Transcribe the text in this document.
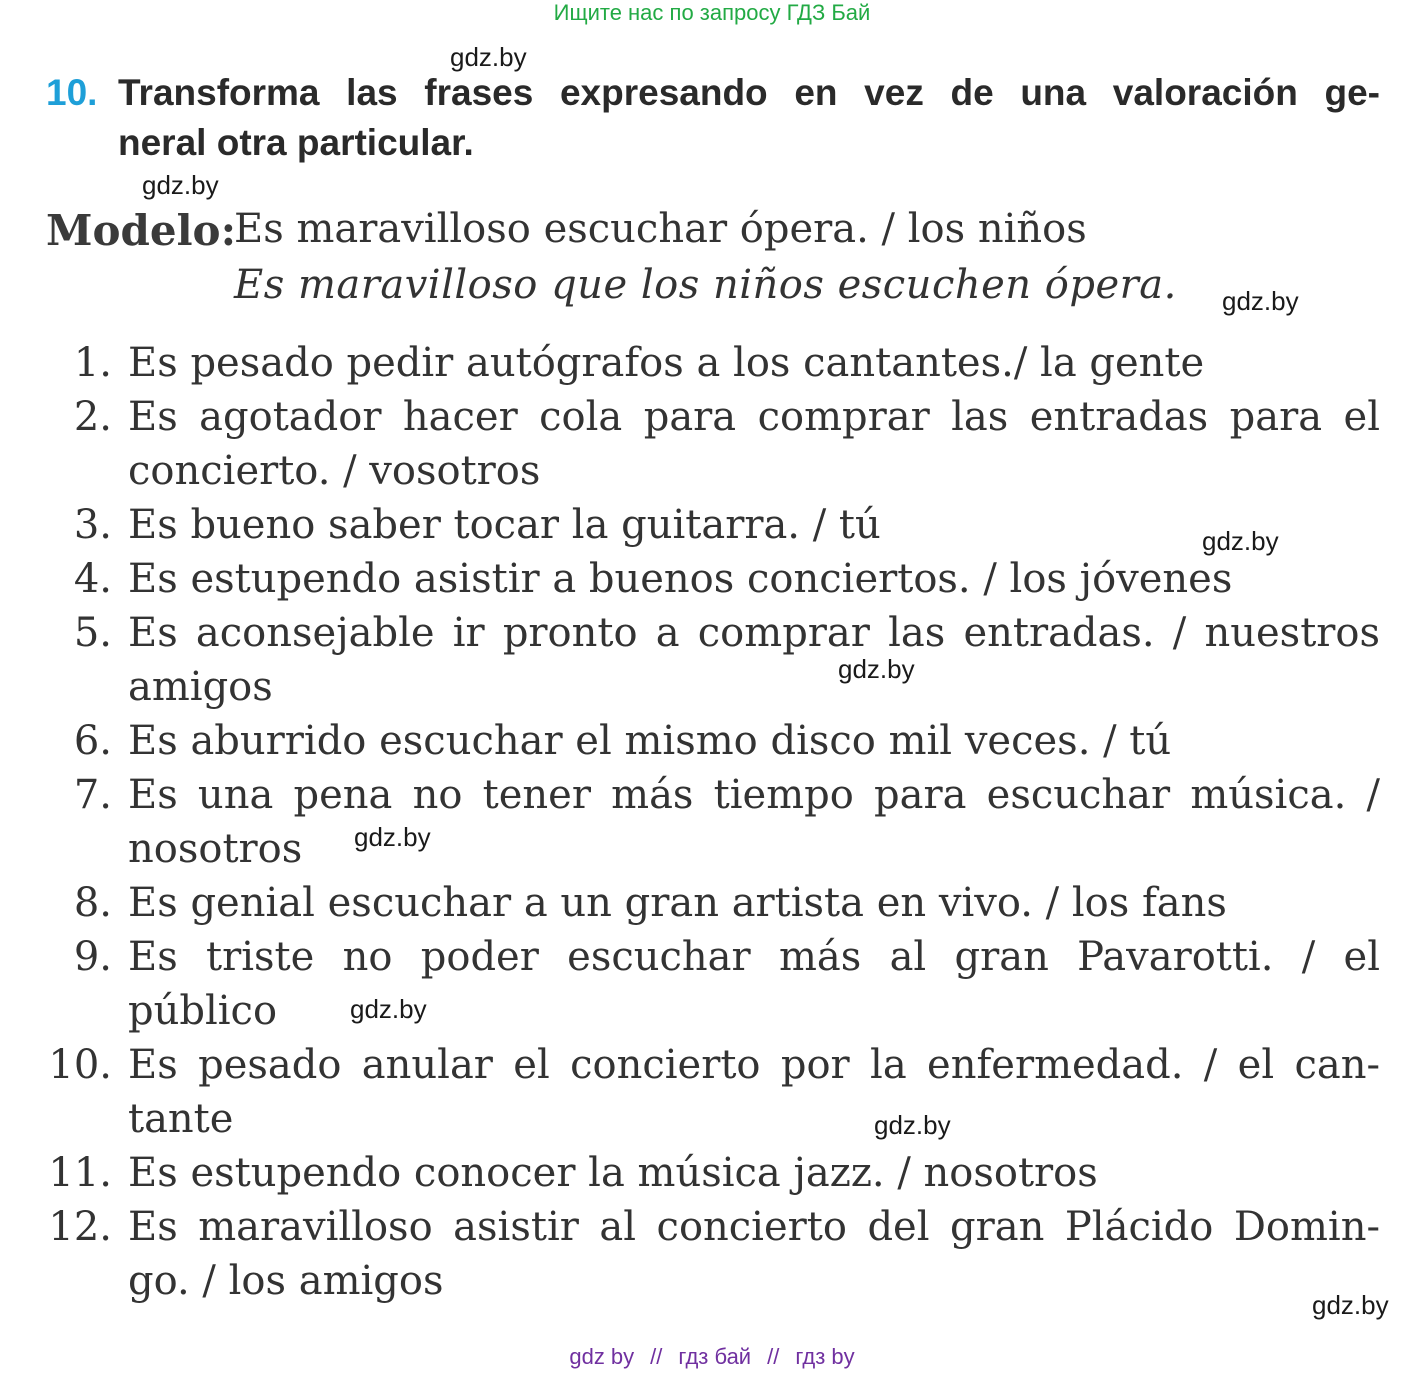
Ищите нас по запросу ГДЗ Бай
gdz.by
10. Transforma las frases expresando en vez de una valoración ge-
neral otra particular.
gdz.by
Modelo:
Es maravilloso escuchar ópera. / los niños
Es maravilloso que los niños escuchen ópera. gdz.by
1. Es pesado pedir autógrafos a los cantantes./ la gente
2. Es agotador hacer cola para comprar las entradas para el
concierto. / vosotros
3. Es bueno saber tocar la guitarra. / tú	gdz.by
4. Es estupendo asistir a buenos conciertos. / los jóvenes
5. Es aconsejable ir pronto a comprar las entradas. / nuestros
amigos	gdz.by
6. Es aburrido escuchar el mismo disco mil veces. / tú
7. Es una pena no tener más tiempo para escuchar música. /
nosotros gdz.by
8. Es genial escuchar a un gran artista en vivo. / los fans
9. Es triste no poder escuchar más al gran Pavarotti. / el
público	gdz.by
10. Es pesado anular el concierto por la enfermedad. / el can-
tante	gdz.by
11. Es estupendo conocer la música jazz. / nosotros
12. Es maravilloso asistir al concierto del gran Plácido Domin-
go. / los amigos
gdz.by
gdz by // гдз бай // гдз by
